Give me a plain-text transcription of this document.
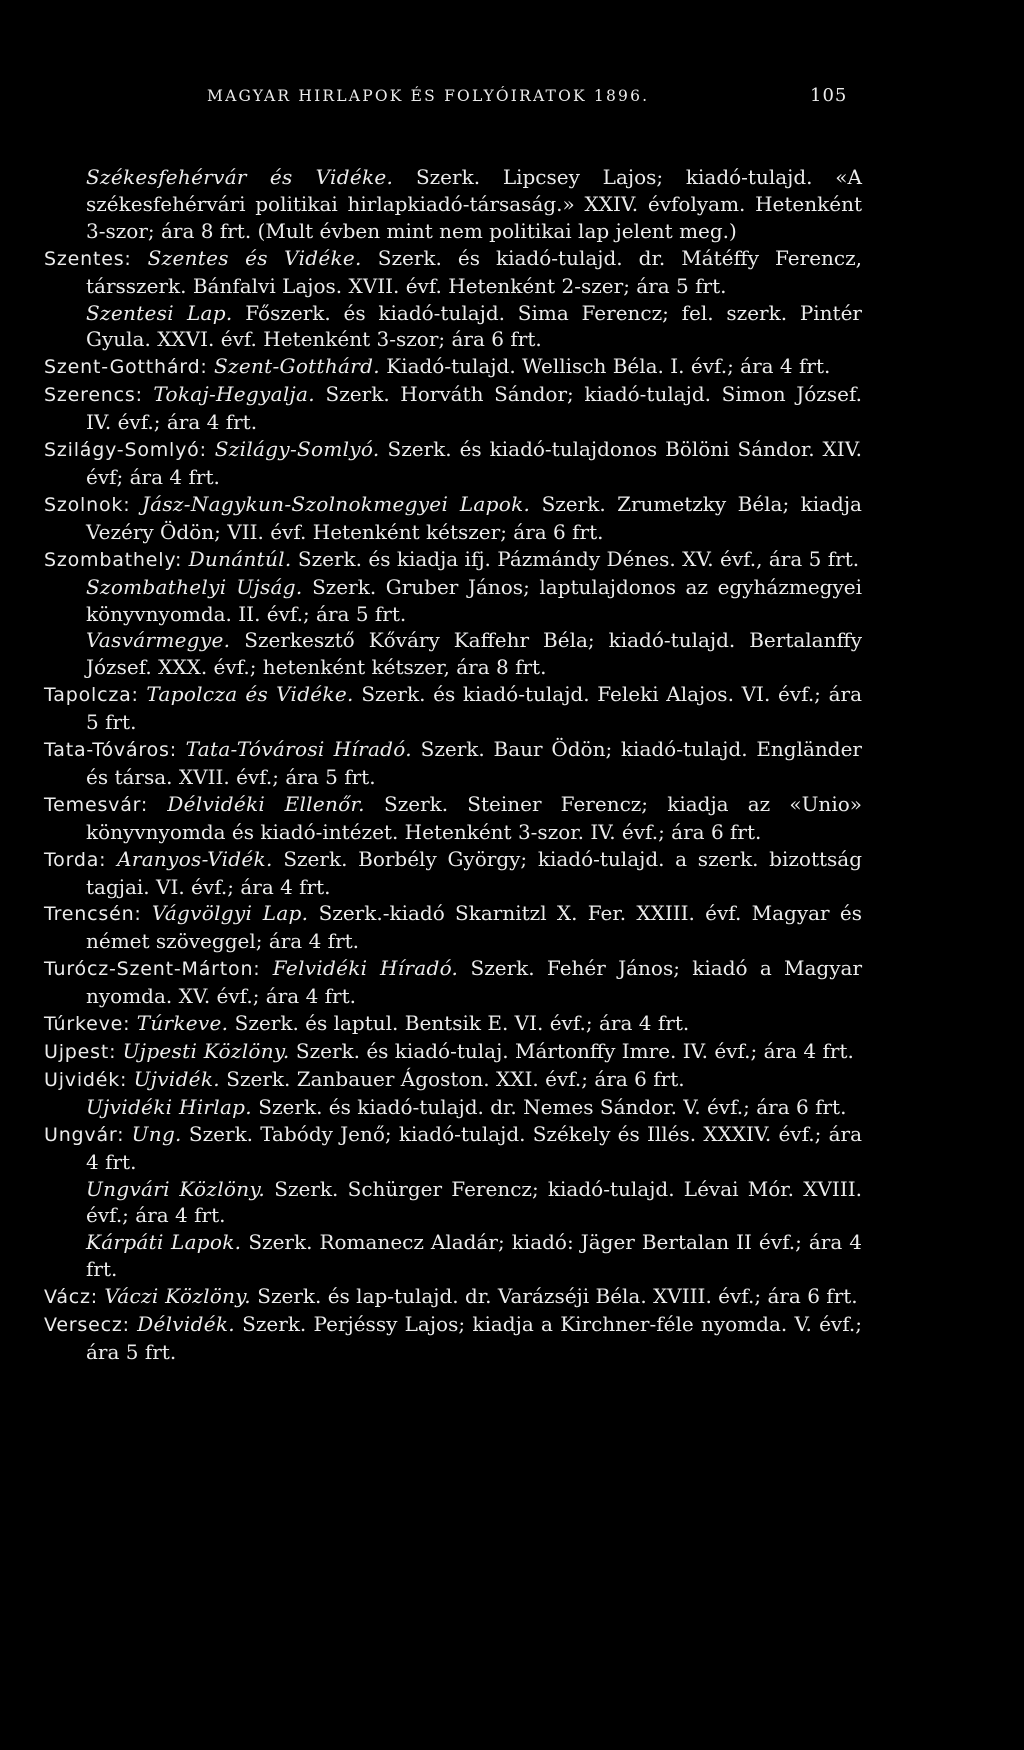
MAGYAR HIRLAPOK ÉS FOLYÓIRATOK 1896.	105

Székesfehérvár és Vidéke. Szerk. Lipcsey Lajos; kiadó-tulajd. «A székesfehérvári politikai hirlapkiadó-társaság.» XXIV. évfolyam. Hetenként 3-szor; ára 8 frt. (Mult évben mint nem politikai lap jelent meg.)

Szentes: Szentes és Vidéke. Szerk. és kiadó-tulajd. dr. Mátéffy Ferencz, társszerk. Bánfalvi Lajos. XVII. évf. Hetenként 2-szer; ára 5 frt.

Szentesi Lap. Főszerk. és kiadó-tulajd. Sima Ferencz; fel. szerk. Pintér Gyula. XXVI. évf. Hetenként 3-szor; ára 6 frt.

Szent-Gotthárd: Szent-Gotthárd. Kiadó-tulajd. Wellisch Béla. I. évf.; ára 4 frt.

Szerencs: Tokaj-Hegyalja. Szerk. Horváth Sándor; kiadó-tulajd. Simon József. IV. évf.; ára 4 frt.

Szilágy-Somlyó: Szilágy-Somlyó. Szerk. és kiadó-tulajdonos Bölöni Sándor. XIV. évf; ára 4 frt.

Szolnok: Jász-Nagykun-Szolnokmegyei Lapok. Szerk. Zrumetzky Béla; kiadja Vezéry Ödön; VII. évf. Hetenként kétszer; ára 6 frt.

Szombathely: Dunántúl. Szerk. és kiadja ifj. Pázmándy Dénes. XV. évf., ára 5 frt.

Szombathelyi Ujság. Szerk. Gruber János; laptulajdonos az egyházmegyei könyvnyomda. II. évf.; ára 5 frt.

Vasvármegye. Szerkesztő Kőváry Kaffehr Béla; kiadó-tulajd. Bertalanffy József. XXX. évf.; hetenként kétszer, ára 8 frt.

Tapolcza: Tapolcza és Vidéke. Szerk. és kiadó-tulajd. Feleki Alajos. VI. évf.; ára 5 frt.

Tata-Tóváros: Tata-Tóvárosi Híradó. Szerk. Baur Ödön; kiadó-tulajd. Engländer és társa. XVII. évf.; ára 5 frt.

Temesvár: Délvidéki Ellenőr. Szerk. Steiner Ferencz; kiadja az «Unio» könyvnyomda és kiadó-intézet. Hetenként 3-szor. IV. évf.; ára 6 frt.

Torda: Aranyos-Vidék. Szerk. Borbély György; kiadó-tulajd. a szerk. bizottság tagjai. VI. évf.; ára 4 frt.

Trencsén: Vágvölgyi Lap. Szerk.-kiadó Skarnitzl X. Fer. XXIII. évf. Magyar és német szöveggel; ára 4 frt.

Turócz-Szent-Márton: Felvidéki Híradó. Szerk. Fehér János; kiadó a Magyar nyomda. XV. évf.; ára 4 frt.

Túrkeve: Túrkeve. Szerk. és laptul. Bentsik E. VI. évf.; ára 4 frt.

Ujpest: Ujpesti Közlöny. Szerk. és kiadó-tulaj. Mártonffy Imre. IV. évf.; ára 4 frt.

Ujvidék: Ujvidék. Szerk. Zanbauer Ágoston. XXI. évf.; ára 6 frt.

Ujvidéki Hirlap. Szerk. és kiadó-tulajd. dr. Nemes Sándor. V. évf.; ára 6 frt.

Ungvár: Ung. Szerk. Tabódy Jenő; kiadó-tulajd. Székely és Illés. XXXIV. évf.; ára 4 frt.

Ungvári Közlöny. Szerk. Schürger Ferencz; kiadó-tulajd. Lévai Mór. XVIII. évf.; ára 4 frt.

Kárpáti Lapok. Szerk. Romanecz Aladár; kiadó: Jäger Bertalan II évf.; ára 4 frt.

Vácz: Váczi Közlöny. Szerk. és lap-tulajd. dr. Varázséji Béla. XVIII. évf.; ára 6 frt.

Versecz: Délvidék. Szerk. Perjéssy Lajos; kiadja a Kirchner-féle nyomda. V. évf.; ára 5 frt.
